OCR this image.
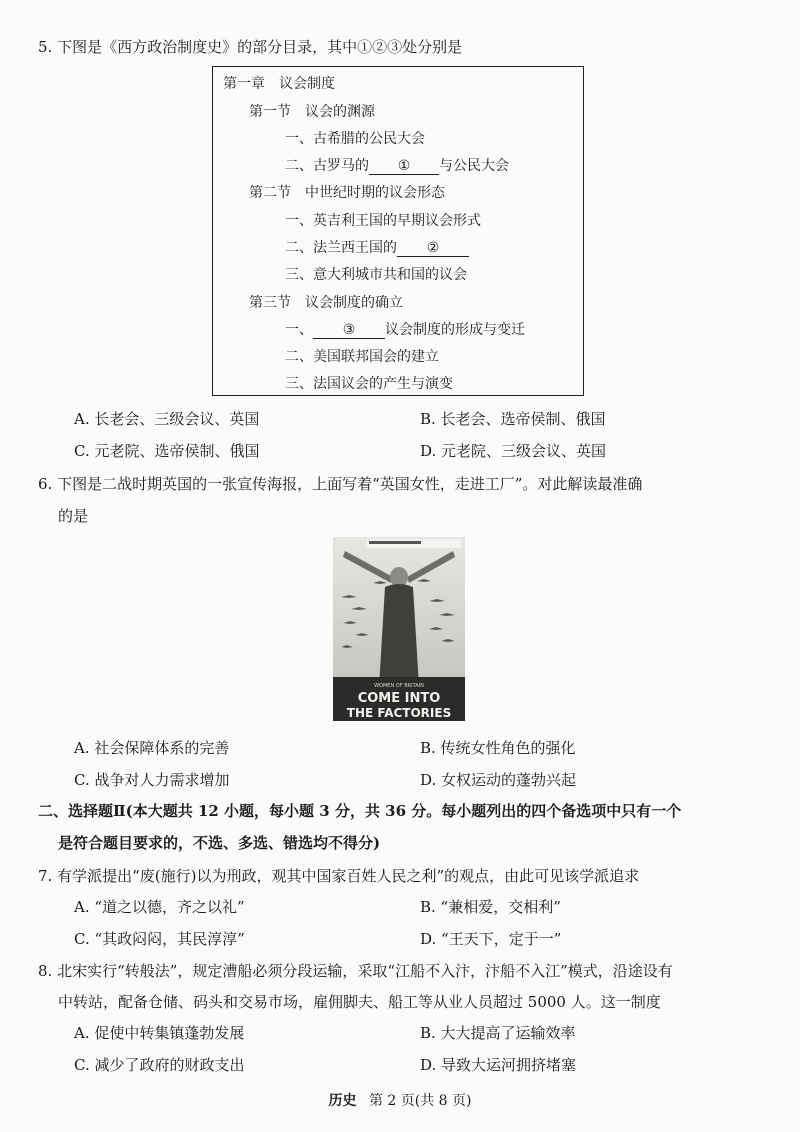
5. 下图是《西方政治制度史》的部分目录，其中①②③处分别是
第一章　议会制度
第一节　议会的渊源
一、古希腊的公民大会
二、古罗马的 ① 与公民大会
第二节　中世纪时期的议会形态
一、英吉利王国的早期议会形式
二、法兰西王国的 ②
三、意大利城市共和国的议会
第三节　议会制度的确立
一、 ③ 议会制度的形成与变迁
二、美国联邦国会的建立
三、法国议会的产生与演变
A. 长老会、三级会议、英国	B. 长老会、选帝侯制、俄国
C. 元老院、选帝侯制、俄国	D. 元老院、三级会议、英国
6. 下图是二战时期英国的一张宣传海报，上面写着“英国女性，走进工厂”。对此解读最准确
的是
WOMEN OF BRITAIN
COME INTO
THE FACTORIES
A. 社会保障体系的完善	B. 传统女性角色的强化
C. 战争对人力需求增加	D. 女权运动的蓬勃兴起
二、选择题Ⅱ(本大题共 12 小题，每小题 3 分，共 36 分。每小题列出的四个备选项中只有一个
是符合题目要求的，不选、多选、错选均不得分)
7. 有学派提出“废(施行)以为刑政，观其中国家百姓人民之利”的观点，由此可见该学派追求
A. “道之以德，齐之以礼”	B. “兼相爱，交相利”
C. “其政闷闷，其民淳淳”	D. “王天下，定于一”
8. 北宋实行“转般法”，规定漕船必须分段运输，采取“江船不入汴，汴船不入江”模式，沿途设有
中转站，配备仓储、码头和交易市场，雇佣脚夫、船工等从业人员超过 5000 人。这一制度
A. 促使中转集镇蓬勃发展	B. 大大提高了运输效率
C. 减少了政府的财政支出	D. 导致大运河拥挤堵塞
历史 第 2 页(共 8 页)
